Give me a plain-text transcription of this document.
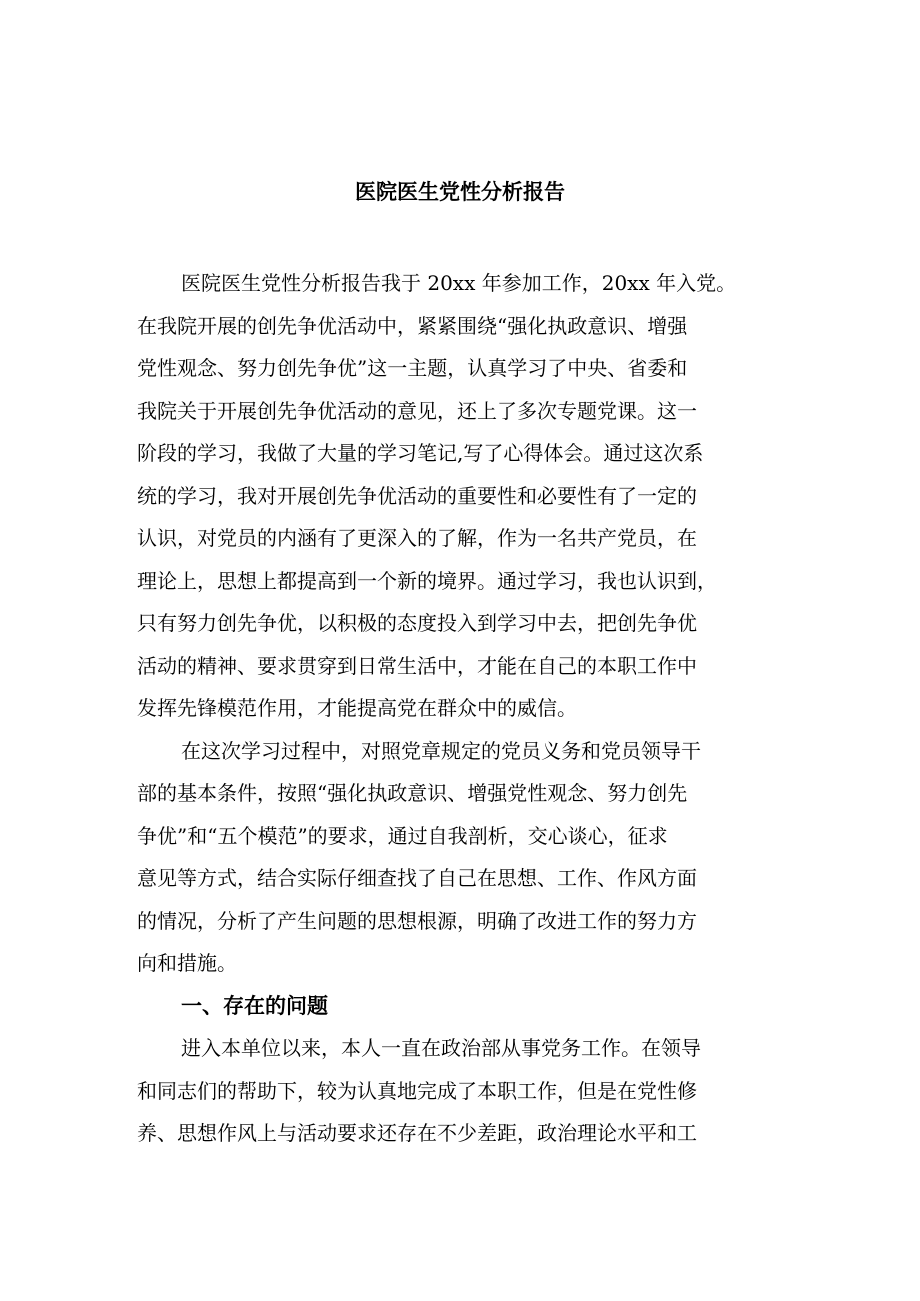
医院医生党性分析报告
医院医生党性分析报告我于 20xx 年参加工作，20xx 年入党。
在我院开展的创先争优活动中，紧紧围绕“强化执政意识、增强
党性观念、努力创先争优”这一主题，认真学习了中央、省委和
我院关于开展创先争优活动的意见，还上了多次专题党课。这一
阶段的学习，我做了大量的学习笔记,写了心得体会。通过这次系
统的学习，我对开展创先争优活动的重要性和必要性有了一定的
认识，对党员的内涵有了更深入的了解，作为一名共产党员，在
理论上，思想上都提高到一个新的境界。通过学习，我也认识到，
只有努力创先争优，以积极的态度投入到学习中去，把创先争优
活动的精神、要求贯穿到日常生活中，才能在自己的本职工作中
发挥先锋模范作用，才能提高党在群众中的威信。
在这次学习过程中，对照党章规定的党员义务和党员领导干
部的基本条件，按照“强化执政意识、增强党性观念、努力创先
争优”和“五个模范”的要求，通过自我剖析，交心谈心，征求
意见等方式，结合实际仔细查找了自己在思想、工作、作风方面
的情况，分析了产生问题的思想根源，明确了改进工作的努力方
向和措施。
一、存在的问题
进入本单位以来，本人一直在政治部从事党务工作。在领导
和同志们的帮助下，较为认真地完成了本职工作，但是在党性修
养、思想作风上与活动要求还存在不少差距，政治理论水平和工
